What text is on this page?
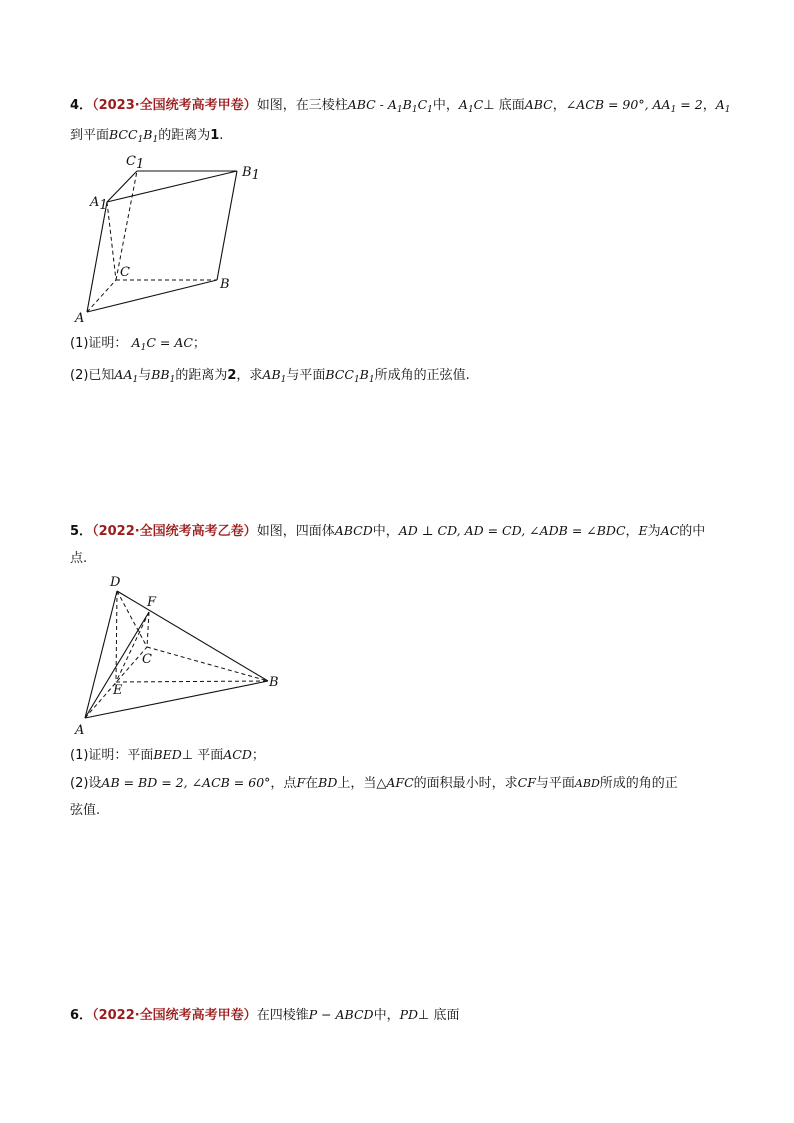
4．（2023·全国统考高考甲卷）如图，在三棱柱ABC - $A_1B_1C_1$中，$A_1C\perp$ 底面ABC，∠ACB = 90°, $AA_1 = 2$，$A_1$
到平面$BCC_1B_1$的距离为1.
C1
B1
A1
C
B
A
(1)证明： $A_1C$ = AC；
(2)已知$AA_1$与$BB_1$的距离为2，求$AB_1$与平面$BCC_1B_1$所成角的正弦值.
5．（2022·全国统考高考乙卷）如图，四面体ABCD中，AD ⊥ CD, AD = CD, ∠ADB = ∠BDC，E为AC的中
点.
D
F
C
E
B
A
(1)证明：平面BED⊥ 平面ACD；
(2)设AB = BD = 2, ∠ACB = 60°，点F在BD上，当△AFC的面积最小时，求CF与平面ABD所成的角的正
弦值.
6．（2022·全国统考高考甲卷）在四棱锥P − ABCD中，PD⊥ 底面
